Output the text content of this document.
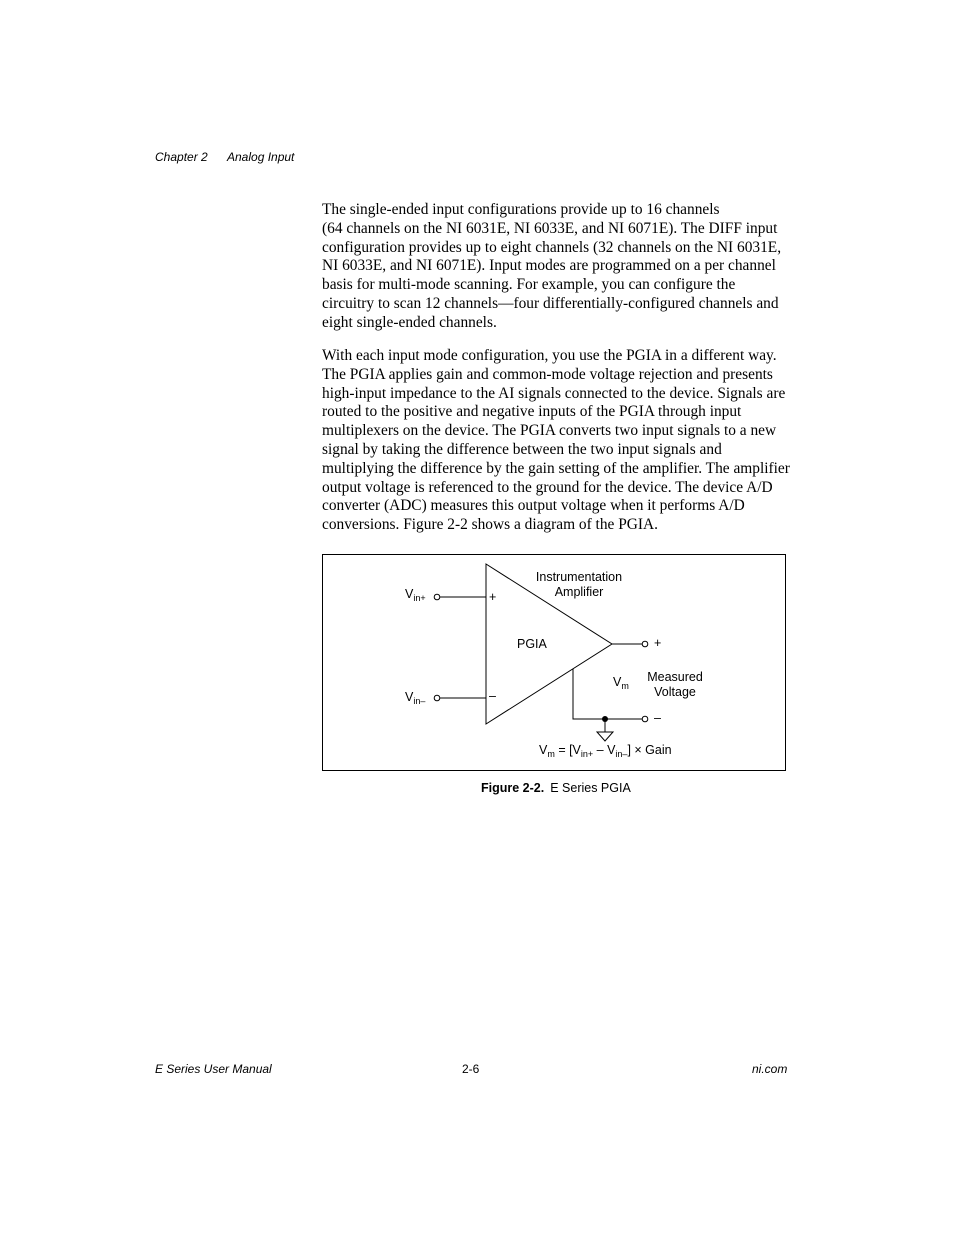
Chapter 2 Analog Input
The single-ended input configurations provide up to 16 channels
(64 channels on the NI 6031E, NI 6033E, and NI 6071E). The DIFF input
configuration provides up to eight channels (32 channels on the NI 6031E,
NI 6033E, and NI 6071E). Input modes are programmed on a per channel
basis for multi-mode scanning. For example, you can configure the
circuitry to scan 12 channels—four differentially-configured channels and
eight single-ended channels.
With each input mode configuration, you use the PGIA in a different way.
The PGIA applies gain and common-mode voltage rejection and presents
high-input impedance to the AI signals connected to the device. Signals are
routed to the positive and negative inputs of the PGIA through input
multiplexers on the device. The PGIA converts two input signals to a new
signal by taking the difference between the two input signals and
multiplying the difference by the gain setting of the amplifier. The amplifier
output voltage is referenced to the ground for the device. The device A/D
converter (ADC) measures this output voltage when it performs A/D
conversions. Figure 2-2 shows a diagram of the PGIA.
Instrumentation
Amplifier
PGIA
$V_{in+}$
$V_{in-}$
+
–
+
–
$V_m$
Measured
Voltage
$V_m = [V_{in+} - V_{in-}]$ × Gain
Figure 2-2. E Series PGIA
E Series User Manual	2-6	ni.com
